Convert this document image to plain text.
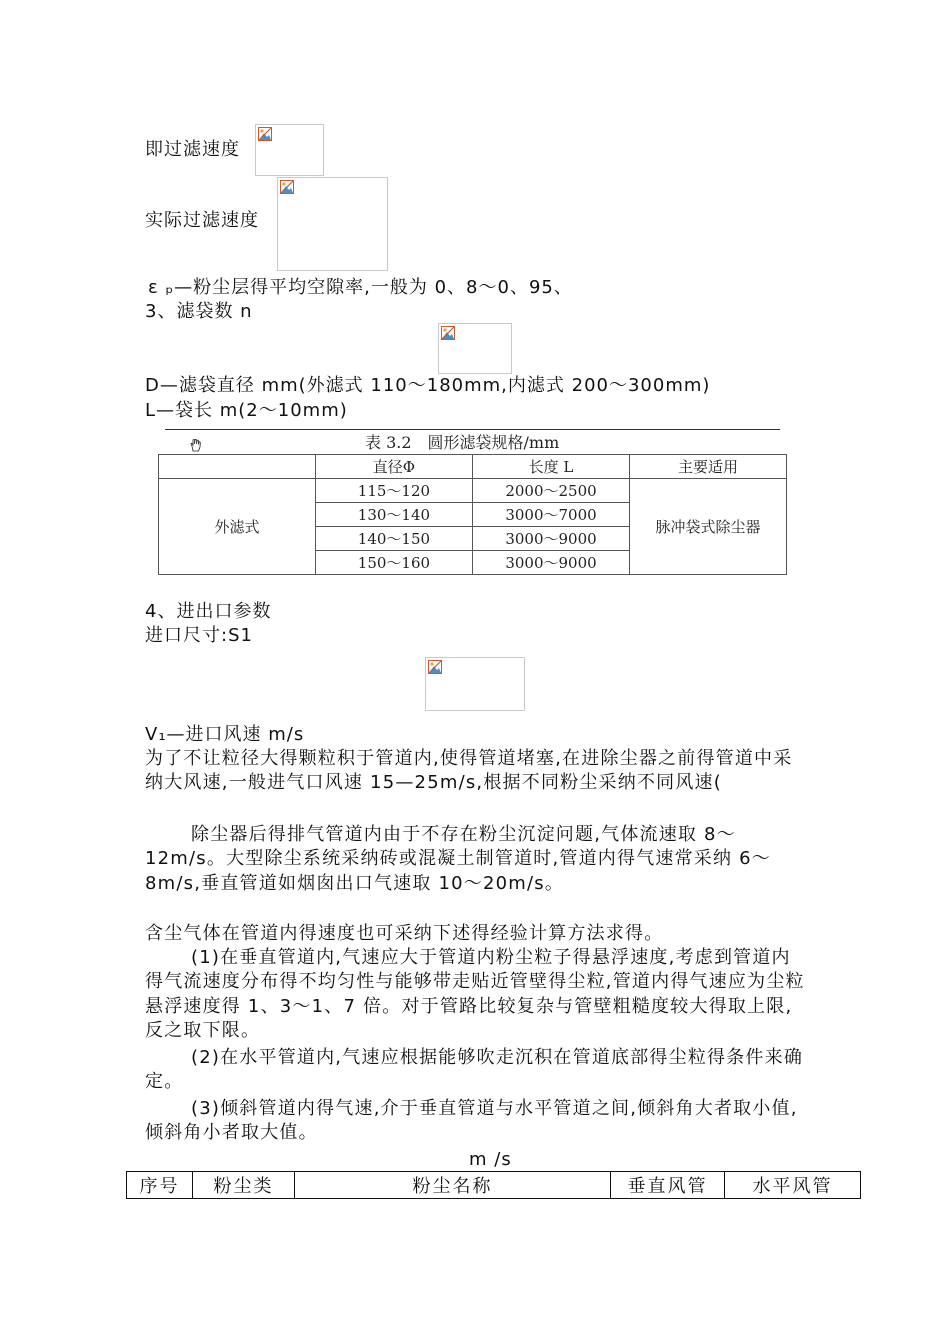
即过滤速度
实际过滤速度
ε ₚ—粉尘层得平均空隙率,一般为 0、8～0、95、
3、滤袋数 n
D—滤袋直径 mm(外滤式 110～180mm,内滤式 200～300mm)
L—袋长 m(2～10mm)
表 3.2　圆形滤袋规格/mm
	直径Φ	长度 L	主要适用
外滤式	115～120	2000～2500	脉冲袋式除尘器
	130～140	3000～7000	
	140～150	3000～9000	
	150～160	3000～9000	
4、进出口参数
进口尺寸:S1
V₁—进口风速 m/s
为了不让粒径大得颗粒积于管道内,使得管道堵塞,在进除尘器之前得管道中采纳大风速,一般进气口风速 15—25m/s,根据不同粉尘采纳不同风速(
除尘器后得排气管道内由于不存在粉尘沉淀问题,气体流速取 8～12m/s。大型除尘系统采纳砖或混凝土制管道时,管道内得气速常采纳 6～8m/s,垂直管道如烟囱出口气速取 10～20m/s。
含尘气体在管道内得速度也可采纳下述得经验计算方法求得。
(1)在垂直管道内,气速应大于管道内粉尘粒子得悬浮速度,考虑到管道内得气流速度分布得不均匀性与能够带走贴近管壁得尘粒,管道内得气速应为尘粒悬浮速度得 1、3～1、7 倍。对于管路比较复杂与管壁粗糙度较大得取上限,反之取下限。
(2)在水平管道内,气速应根据能够吹走沉积在管道底部得尘粒得条件来确定。
(3)倾斜管道内得气速,介于垂直管道与水平管道之间,倾斜角大者取小值,倾斜角小者取大值。
m /s
序号	粉尘类	粉尘名称	垂直风管	水平风管
